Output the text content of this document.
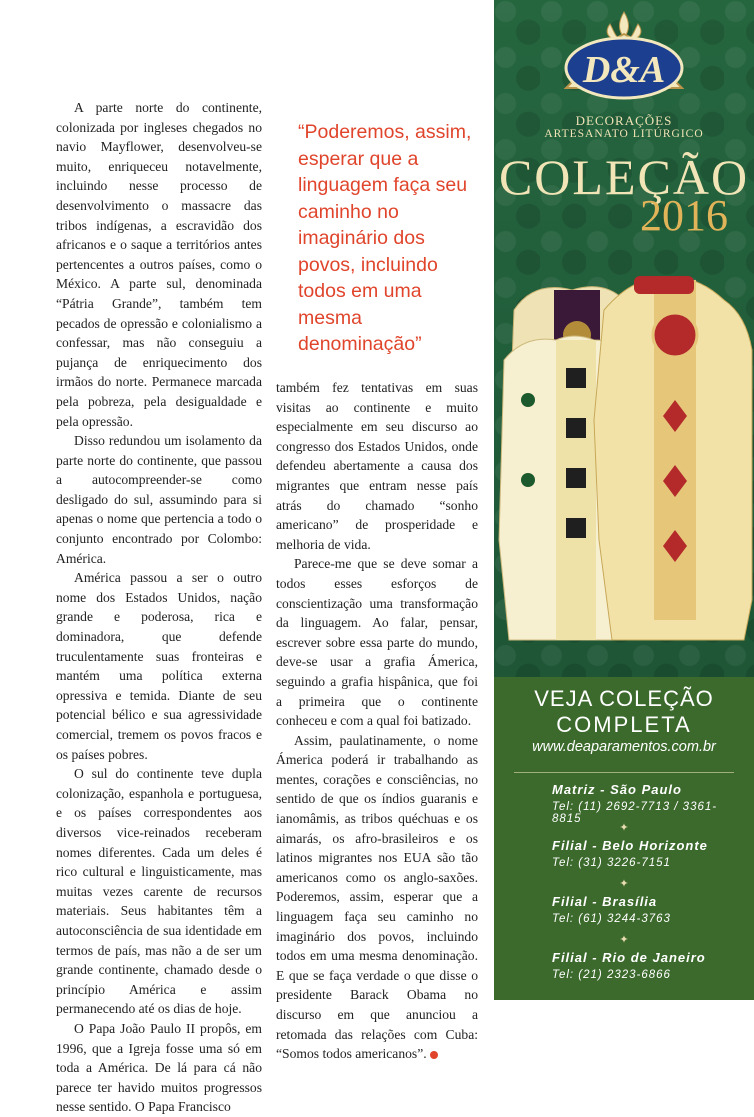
A parte norte do continente, colonizada por ingleses chegados no navio Mayflower, desenvolveu-se muito, enriqueceu notavelmente, incluindo nesse processo de desenvolvimento o massacre das tribos indígenas, a escravidão dos africanos e o saque a territórios antes pertencentes a outros países, como o México. A parte sul, denominada “Pátria Grande”, também tem pecados de opressão e colonialismo a confessar, mas não conseguiu a pujança de enriquecimento dos irmãos do norte. Permanece marcada pela pobreza, pela desigualdade e pela opressão.

Disso redundou um isolamento da parte norte do continente, que passou a autocompreender-se como desligado do sul, assumindo para si apenas o nome que pertencia a todo o conjunto encontrado por Colombo: América.

América passou a ser o outro nome dos Estados Unidos, nação grande e poderosa, rica e dominadora, que defende truculentamente suas fronteiras e mantém uma política externa opressiva e temida. Diante de seu potencial bélico e sua agressividade comercial, tremem os povos fracos e os países pobres.

O sul do continente teve dupla colonização, espanhola e portuguesa, e os países correspondentes aos diversos vice-reinados receberam nomes diferentes. Cada um deles é rico cultural e linguisticamente, mas muitas vezes carente de recursos materiais. Seus habitantes têm a autoconsciência de sua identidade em termos de país, mas não a de ser um grande continente, chamado desde o princípio América e assim permanecendo até os dias de hoje.

O Papa João Paulo II propôs, em 1996, que a Igreja fosse uma só em toda a América. De lá para cá não parece ter havido muitos progressos nesse sentido. O Papa Francisco

“Poderemos, assim, esperar que a linguagem faça seu caminho no imaginário dos povos, incluindo todos em uma mesma denominação”

também fez tentativas em suas visitas ao continente e muito especialmente em seu discurso ao congresso dos Estados Unidos, onde defendeu abertamente a causa dos migrantes que entram nesse país atrás do chamado “sonho americano” de prosperidade e melhoria de vida.

Parece-me que se deve somar a todos esses esforços de conscientização uma transformação da linguagem. Ao falar, pensar, escrever sobre essa parte do mundo, deve-se usar a grafia Ámerica, seguindo a grafia hispânica, que foi a primeira que o continente conheceu e com a qual foi batizado.

Assim, paulatinamente, o nome Ámerica poderá ir trabalhando as mentes, corações e consciências, no sentido de que os índios guaranis e ianomâmis, as tribos quéchuas e os aimarás, os afro-brasileiros e os latinos migrantes nos EUA são tão americanos como os anglo-saxões. Poderemos, assim, esperar que a linguagem faça seu caminho no imaginário dos povos, incluindo todos em uma mesma denominação. E que se faça verdade o que disse o presidente Barack Obama no discurso em que anunciou a retomada das relações com Cuba: “Somos todos americanos”.

D&A
DECORAÇÕES
ARTESANATO LITÚRGICO
COLEÇÃO
2016
VEJA COLEÇÃO
COMPLETA
www.deaparamentos.com.br
Matriz - São Paulo
Tel: (11) 2692-7713 / 3361-8815
✦
Filial - Belo Horizonte
Tel: (31) 3226-7151
✦
Filial - Brasília
Tel: (61) 3244-3763
✦
Filial - Rio de Janeiro
Tel: (21) 2323-6866
